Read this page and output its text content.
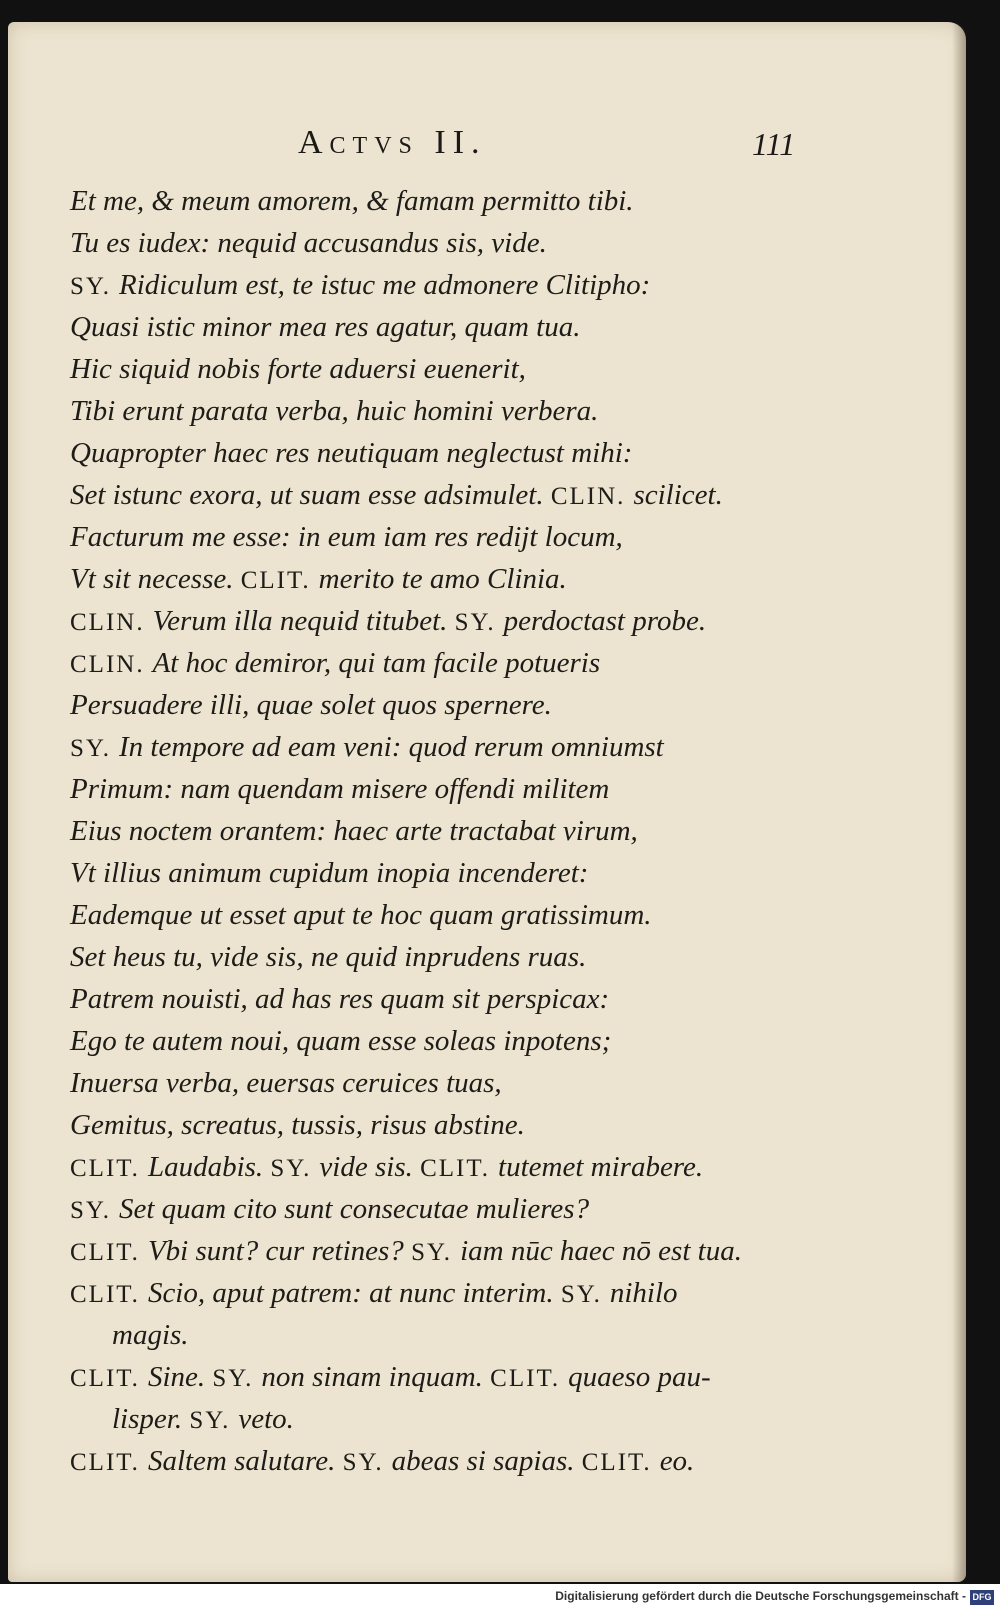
Actvs II.	111
Et me, & meum amorem, & famam permitto tibi.
Tu es iudex: nequid accusandus sis, vide.
SY. Ridiculum est, te istuc me admonere Clitipho:
Quasi istic minor mea res agatur, quam tua.
Hic siquid nobis forte aduersi euenerit,
Tibi erunt parata verba, huic homini verbera.
Quapropter haec res neutiquam neglectust mihi:
Set istunc exora, ut suam esse adsimulet. CLIN. scilicet.
Facturum me esse: in eum iam res redijt locum,
Vt sit necesse. CLIT. merito te amo Clinia.
CLIN. Verum illa nequid titubet. SY. perdoctast probe.
CLIN. At hoc demiror, qui tam facile potueris
Persuadere illi, quae solet quos spernere.
SY. In tempore ad eam veni: quod rerum omniumst
Primum: nam quendam misere offendi militem
Eius noctem orantem: haec arte tractabat virum,
Vt illius animum cupidum inopia incenderet:
Eademque ut esset aput te hoc quam gratissimum.
Set heus tu, vide sis, ne quid inprudens ruas.
Patrem nouisti, ad has res quam sit perspicax:
Ego te autem noui, quam esse soleas inpotens;
Inuersa verba, euersas ceruices tuas,
Gemitus, screatus, tussis, risus abstine.
CLIT. Laudabis. SY. vide sis. CLIT. tutemet mirabere.
SY. Set quam cito sunt consecutae mulieres?
CLIT. Vbi sunt? cur retines? SY. iam nūc haec nō est tua.
CLIT. Scio, aput patrem: at nunc interim. SY. nihilo
magis.
CLIT. Sine. SY. non sinam inquam. CLIT. quaeso pau-
lisper. SY. veto.
CLIT. Saltem salutare. SY. abeas si sapias. CLIT. eo.
Digitalisierung gefördert durch die Deutsche Forschungsgemeinschaft - DFG
